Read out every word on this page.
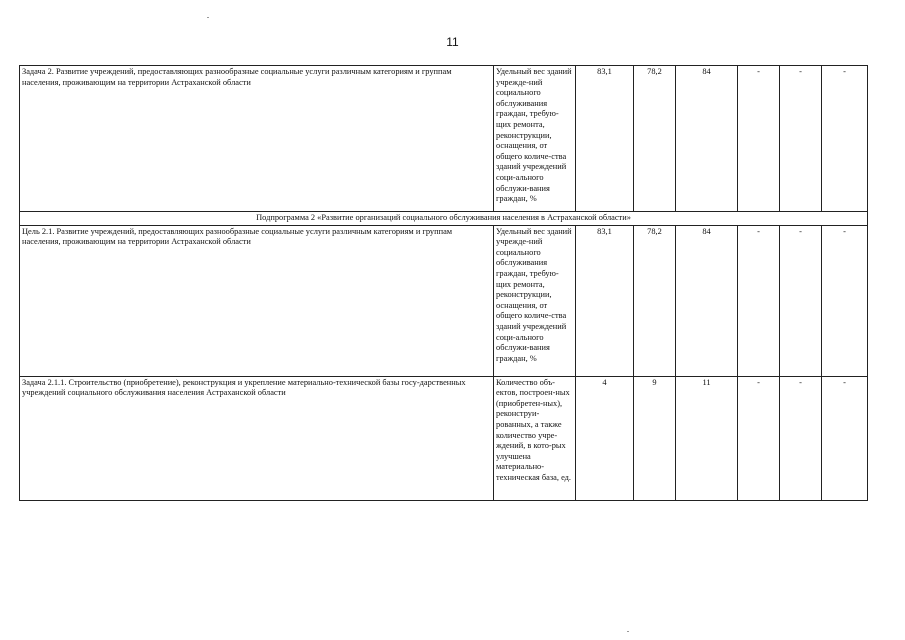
11
Задача 2. Развитие учреждений, предоставляющих разнообразные социальные услуги различным категориям и группам населения, проживающим на территории Астраханской области	Удельный вес зданий учрежде-ний социального обслуживания граждан, требую-щих ремонта, реконструкции, оснащения, от общего количе-ства зданий учреждений соци-ального обслужи-вания граждан, %	83,1	78,2	84	-	-	-
Подпрограмма 2 «Развитие организаций социального обслуживания населения в Астраханской области»							
Цель 2.1. Развитие учреждений, предоставляющих разнообразные социальные услуги различным категориям и группам населения, проживающим на территории Астраханской области	Удельный вес зданий учрежде-ний социального обслуживания граждан, требую-щих ремонта, реконструкции, оснащения, от общего количе-ства зданий учреждений соци-ального обслужи-вания граждан, %	83,1	78,2	84	-	-	-
Задача 2.1.1. Строительство (приобретение), реконструкция и укрепление материально-технической базы госу-дарственных учреждений социального обслуживания населения Астраханской области	Количество объ-ектов, построен-ных (приобретен-ных), реконструи-рованных, а также количество учре-ждений, в кото-рых улучшена материально-техническая база, ед.	4	9	11	-	-	-
